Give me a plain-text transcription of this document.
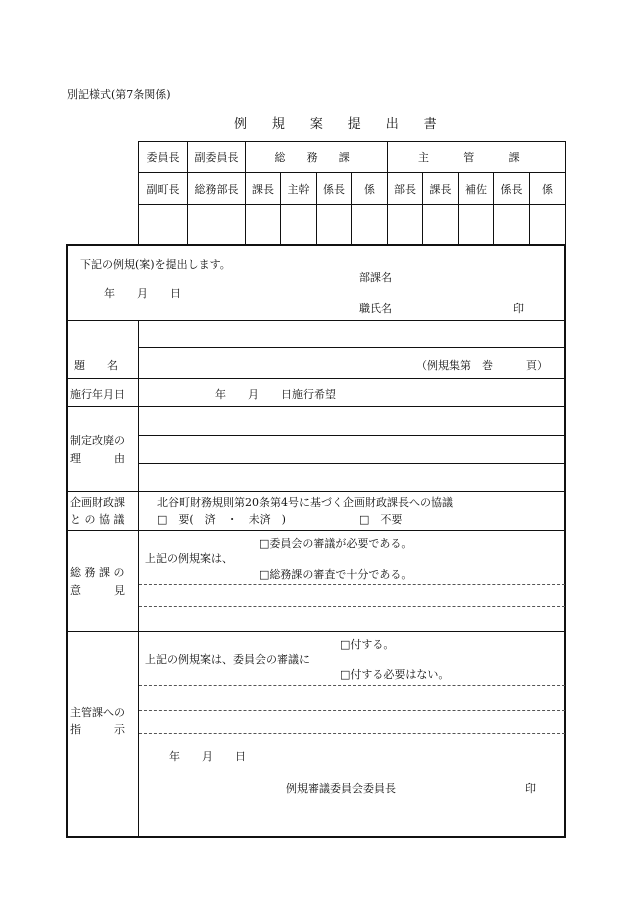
別記様式(第7条関係)
例 規 案 提 出 書
委員長	副委員長	総 務 課	主 管 課
副町長	総務部長	課長	主幹	係長	係	部長	課長	補佐	係長	係
下記の例規(案)を提出します。
年　　月　　日
部課名
職氏名	印
題　　名	（例規集第　巻　　　頁）
施行年月日	年　　月　　日施行希望
制定改廃の
理　　　由
企画財政課
と の 協 議
北谷町財務規則第20条第4号に基づく企画財政課長への協議
□　要(　済　・　未済　)	□　不要
総 務 課 の
意　　　見
上記の例規案は、
□委員会の審議が必要である。
□総務課の審査で十分である。
主管課への
指　　　示
上記の例規案は、委員会の審議に
□付する。
□付する必要はない。
年　　月　　日
例規審議委員会委員長	印
